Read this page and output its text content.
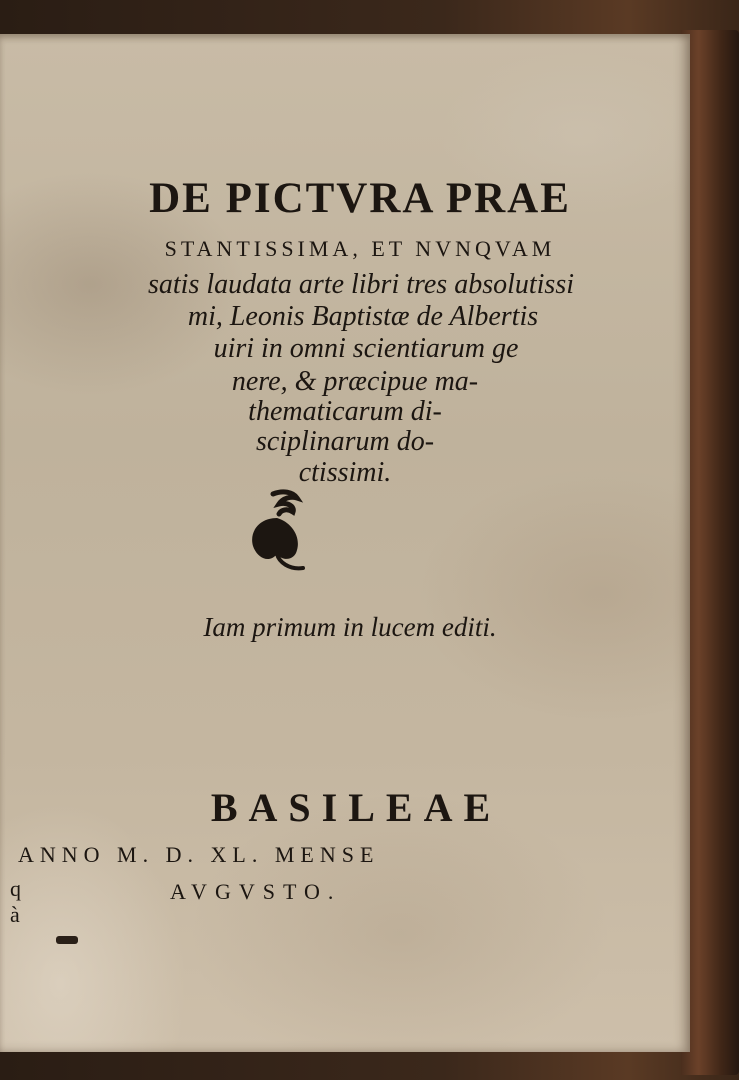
DE PICTVRA PRAE
STANTISSIMA, ET NVNQVAM
satis laudata arte libri tres absolutissi
mi, Leonis Baptistæ de Albertis
uiri in omni scientiarum ge
nere, & præcipue ma-
thematicarum di-
sciplinarum do-
ctissimi.
Iam primum in lucem editi.
BASILEAE
ANNO M. D. XL. MENSE
AVGVSTO.
q
à
